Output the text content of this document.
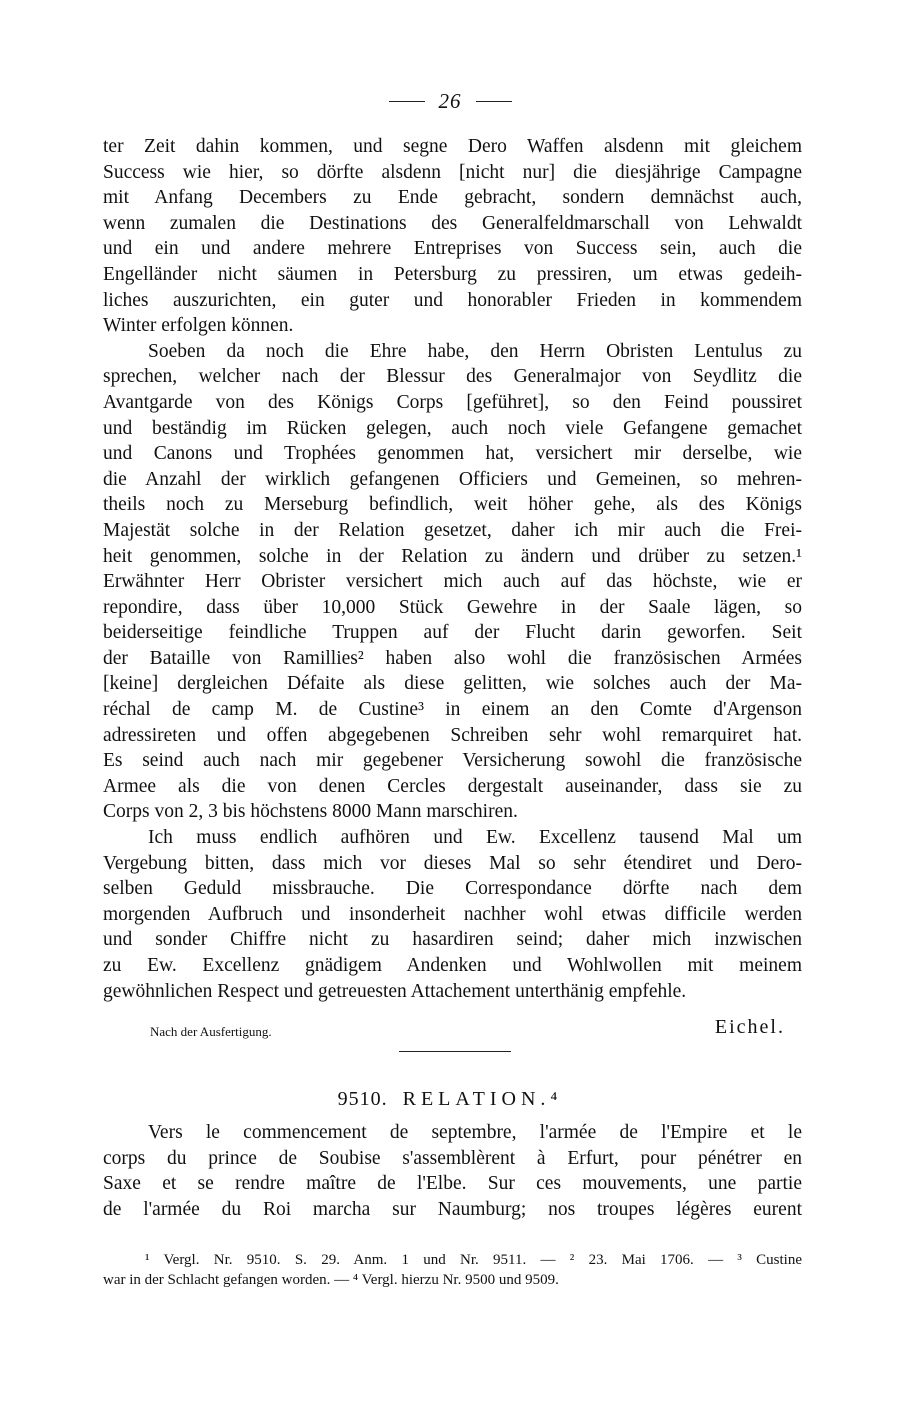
26
ter Zeit dahin kommen, und segne Dero Waffen alsdenn mit gleichem
Success wie hier, so dörfte alsdenn [nicht nur] die diesjährige Campagne
mit Anfang Decembers zu Ende gebracht, sondern demnächst auch,
wenn zumalen die Destinations des Generalfeldmarschall von Lehwaldt
und ein und andere mehrere Entreprises von Success sein, auch die
Engelländer nicht säumen in Petersburg zu pressiren, um etwas gedeih-
liches auszurichten, ein guter und honorabler Frieden in kommendem
Winter erfolgen können.
Soeben da noch die Ehre habe, den Herrn Obristen Lentulus zu
sprechen, welcher nach der Blessur des Generalmajor von Seydlitz die
Avantgarde von des Königs Corps [geführet], so den Feind poussiret
und beständig im Rücken gelegen, auch noch viele Gefangene gemachet
und Canons und Trophées genommen hat, versichert mir derselbe, wie
die Anzahl der wirklich gefangenen Officiers und Gemeinen, so mehren-
theils noch zu Merseburg befindlich, weit höher gehe, als des Königs
Majestät solche in der Relation gesetzet, daher ich mir auch die Frei-
heit genommen, solche in der Relation zu ändern und drüber zu setzen.¹
Erwähnter Herr Obrister versichert mich auch auf das höchste, wie er
repondire, dass über 10,000 Stück Gewehre in der Saale lägen, so
beiderseitige feindliche Truppen auf der Flucht darin geworfen. Seit
der Bataille von Ramillies² haben also wohl die französischen Armées
[keine] dergleichen Défaite als diese gelitten, wie solches auch der Ma-
réchal de camp M. de Custine³ in einem an den Comte d'Argenson
adressireten und offen abgegebenen Schreiben sehr wohl remarquiret hat.
Es seind auch nach mir gegebener Versicherung sowohl die französische
Armee als die von denen Cercles dergestalt auseinander, dass sie zu
Corps von 2, 3 bis höchstens 8000 Mann marschiren.
Ich muss endlich aufhören und Ew. Excellenz tausend Mal um
Vergebung bitten, dass mich vor dieses Mal so sehr étendiret und Dero-
selben Geduld missbrauche. Die Correspondance dörfte nach dem
morgenden Aufbruch und insonderheit nachher wohl etwas difficile werden
und sonder Chiffre nicht zu hasardiren seind; daher mich inzwischen
zu Ew. Excellenz gnädigem Andenken und Wohlwollen mit meinem
gewöhnlichen Respect und getreuesten Attachement unterthänig empfehle.
Nach der Ausfertigung.	Eichel.
9510. RELATION.⁴
Vers le commencement de septembre, l'armée de l'Empire et le
corps du prince de Soubise s'assemblèrent à Erfurt, pour pénétrer en
Saxe et se rendre maître de l'Elbe. Sur ces mouvements, une partie
de l'armée du Roi marcha sur Naumburg; nos troupes légères eurent
¹ Vergl. Nr. 9510. S. 29. Anm. 1 und Nr. 9511. — ² 23. Mai 1706. — ³ Custine
war in der Schlacht gefangen worden. — ⁴ Vergl. hierzu Nr. 9500 und 9509.
